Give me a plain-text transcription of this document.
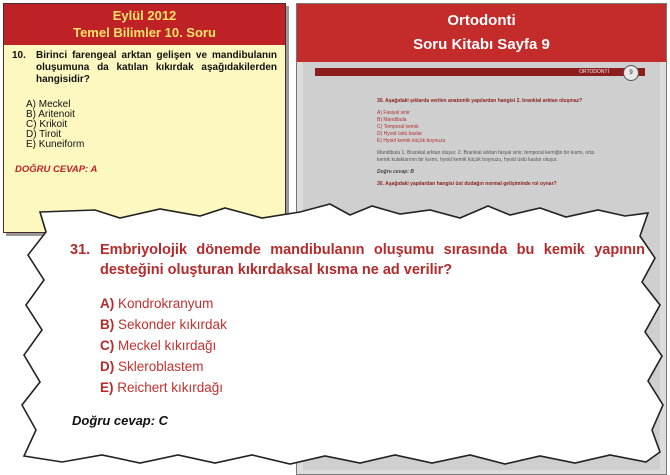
Eylül 2012
Temel Bilimler 10. Soru
10.	Birinci farengeal arktan gelişen ve mandibulanın oluşumuna da katılan kıkırdak aşağıdakilerden hangisidir?
A) Meckel
B) Aritenoit
C) Krikoit
D) Tiroit
E) Kuneiform
DOĞRU CEVAP: A
Ortodonti
Soru Kitabı Sayfa 9
ORTODONTİ	9

30. Aşağıdaki şıklarda verilen anatomik yapılardan hangisi 2. brankial arktan oluşmaz?

A) Fasiyal sinir

B) Mandibula

C) Temporal kemik

D) Hyoid üstü kaslar

E) Hyoid kemik küçük boynuzu

Mandibula 1. Brankial arktan oluşur. 2. Brankial arktan fasyal sinir, temporal kemiğin bir kısmı, orta kemik kulaklarının bir kısmı, hyoid kemik küçük boynuzu, hyoid üstü kaslar oluşur.

Doğru cevap: B

30. Aşağıdaki yapılardan hangisi üst dudağın normal gelişiminde rol oynar?

31. Embriyolojik dönemde mandibulanın oluşumu sırasında bu kemik yapının desteğini oluşturan kıkırdaksal kısma ne ad verilir?
A) Kondrokranyum
B) Sekonder kıkırdak
C) Meckel kıkırdağı
D) Skleroblastem
E) Reichert kıkırdağı
Doğru cevap: C
